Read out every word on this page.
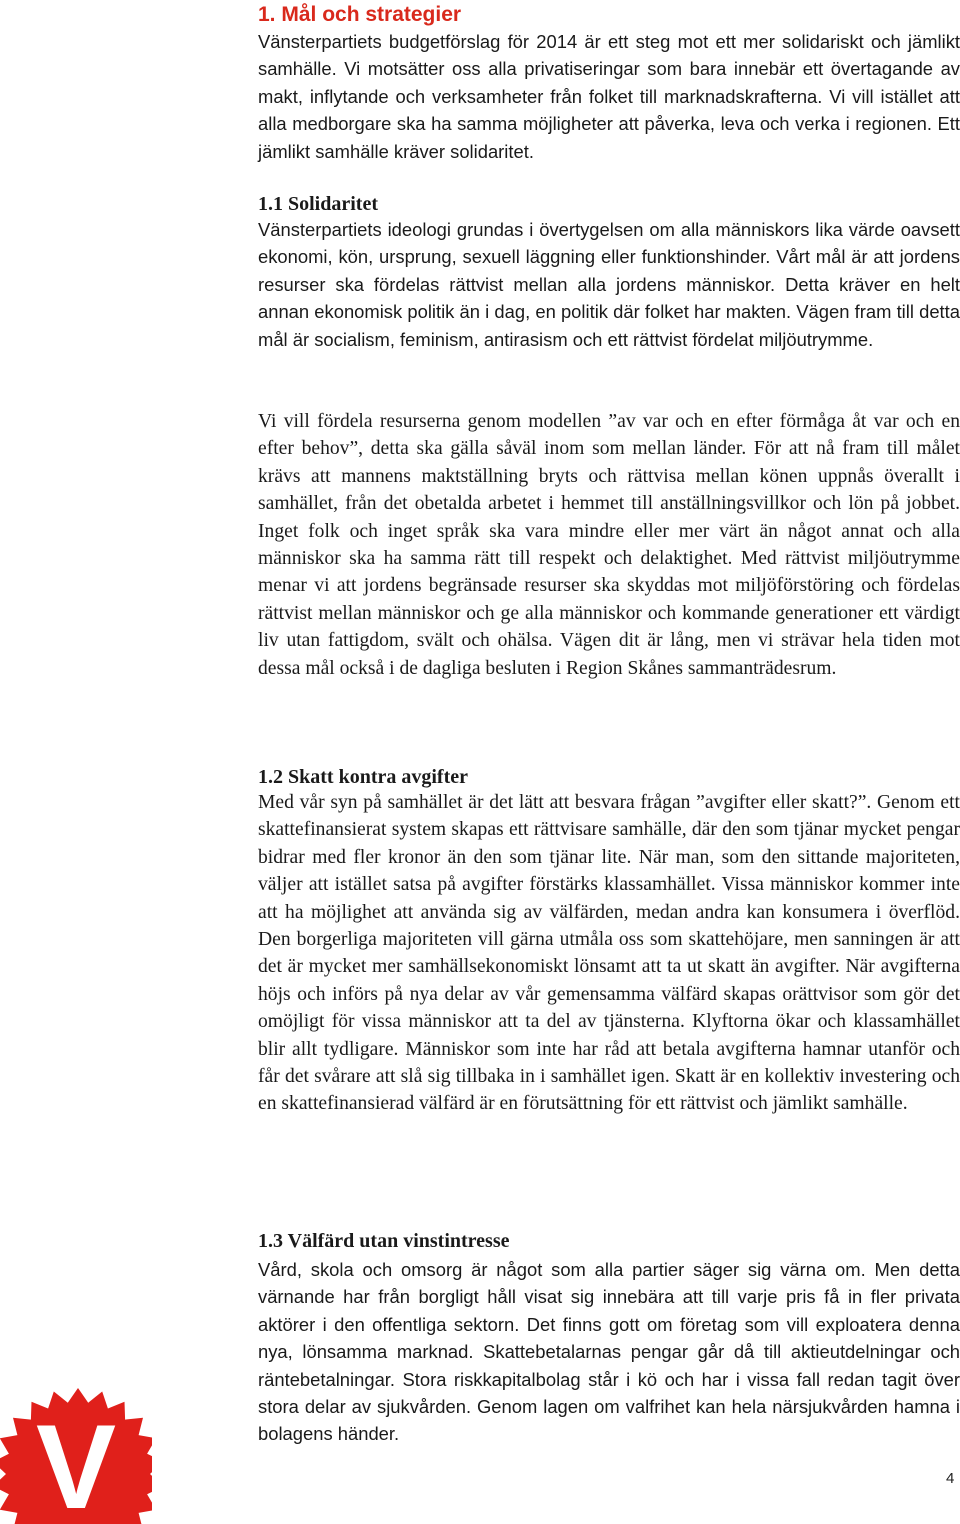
1. Mål och strategier

Vänsterpartiets budgetförslag för 2014 är ett steg mot ett mer solidariskt och jämlikt samhälle. Vi motsätter oss alla privatiseringar som bara innebär ett övertagande av makt, inflytande och verksamheter från folket till marknadskrafterna. Vi vill istället att alla medborgare ska ha samma möjligheter att påverka, leva och verka i regionen. Ett jämlikt samhälle kräver solidaritet.

1.1 Solidaritet

Vänsterpartiets ideologi grundas i övertygelsen om alla människors lika värde oavsett ekonomi, kön, ursprung, sexuell läggning eller funktionshinder. Vårt mål är att jordens resurser ska fördelas rättvist mellan alla jordens människor. Detta kräver en helt annan ekonomisk politik än i dag, en politik där folket har makten. Vägen fram till detta mål är socialism, feminism, antirasism och ett rättvist fördelat miljöutrymme.

Vi vill fördela resurserna genom modellen ”av var och en efter förmåga åt var och en efter behov”, detta ska gälla såväl inom som mellan länder. För att nå fram till målet krävs att mannens maktställning bryts och rättvisa mellan könen uppnås överallt i samhället, från det obetalda arbetet i hemmet till anställningsvillkor och lön på jobbet. Inget folk och inget språk ska vara mindre eller mer värt än något annat och alla människor ska ha samma rätt till respekt och delaktighet. Med rättvist miljöutrymme menar vi att jordens begränsade resurser ska skyddas mot miljöförstöring och fördelas rättvist mellan människor och ge alla människor och kommande generationer ett värdigt liv utan fattigdom, svält och ohälsa. Vägen dit är lång, men vi strävar hela tiden mot dessa mål också i de dagliga besluten i Region Skånes sammanträdesrum.

1.2 Skatt kontra avgifter

Med vår syn på samhället är det lätt att besvara frågan ”avgifter eller skatt?”. Genom ett skattefinansierat system skapas ett rättvisare samhälle, där den som tjänar mycket pengar bidrar med fler kronor än den som tjänar lite. När man, som den sittande majoriteten, väljer att istället satsa på avgifter förstärks klassamhället. Vissa människor kommer inte att ha möjlighet att använda sig av välfärden, medan andra kan konsumera i överflöd. Den borgerliga majoriteten vill gärna utmåla oss som skattehöjare, men sanningen är att det är mycket mer samhällsekonomiskt lönsamt att ta ut skatt än avgifter. När avgifterna höjs och införs på nya delar av vår gemensamma välfärd skapas orättvisor som gör det omöjligt för vissa människor att ta del av tjänsterna. Klyftorna ökar och klassamhället blir allt tydligare. Människor som inte har råd att betala avgifterna hamnar utanför och får det svårare att slå sig tillbaka in i samhället igen. Skatt är en kollektiv investering och en skattefinansierad välfärd är en förutsättning för ett rättvist och jämlikt samhälle.

1.3 Välfärd utan vinstintresse

Vård, skola och omsorg är något som alla partier säger sig värna om. Men detta värnande har från borgligt håll visat sig innebära att till varje pris få in fler privata aktörer i den offentliga sektorn. Det finns gott om företag som vill exploatera denna nya, lönsamma marknad. Skattebetalarnas pengar går då till aktieutdelningar och räntebetalningar. Stora riskkapitalbolag står i kö och har i vissa fall redan tagit över stora delar av sjukvården. Genom lagen om valfrihet kan hela närsjukvården hamna i bolagens händer.

V	4
